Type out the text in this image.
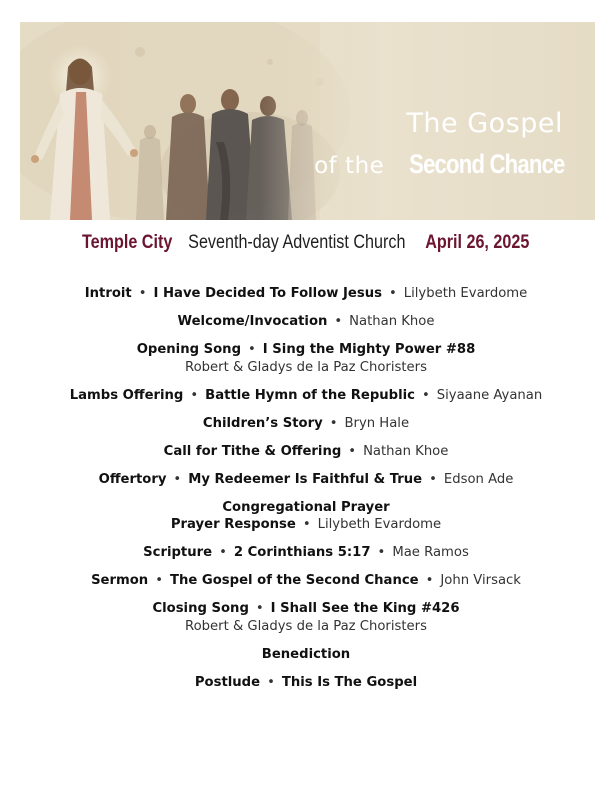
The Gospel
of the Second Chance
Temple City Seventh-day Adventist Church April 26, 2025
Introit • I Have Decided To Follow Jesus • Lilybeth Evardome
Welcome/Invocation • Nathan Khoe
Opening Song • I Sing the Mighty Power #88
Robert & Gladys de la Paz Choristers
Lambs Offering • Battle Hymn of the Republic • Siyaane Ayanan
Children’s Story • Bryn Hale
Call for Tithe & Offering • Nathan Khoe
Offertory • My Redeemer Is Faithful & True • Edson Ade
Congregational Prayer
Prayer Response • Lilybeth Evardome
Scripture • 2 Corinthians 5:17 • Mae Ramos
Sermon • The Gospel of the Second Chance • John Virsack
Closing Song • I Shall See the King #426
Robert & Gladys de la Paz Choristers
Benediction
Postlude • This Is The Gospel
